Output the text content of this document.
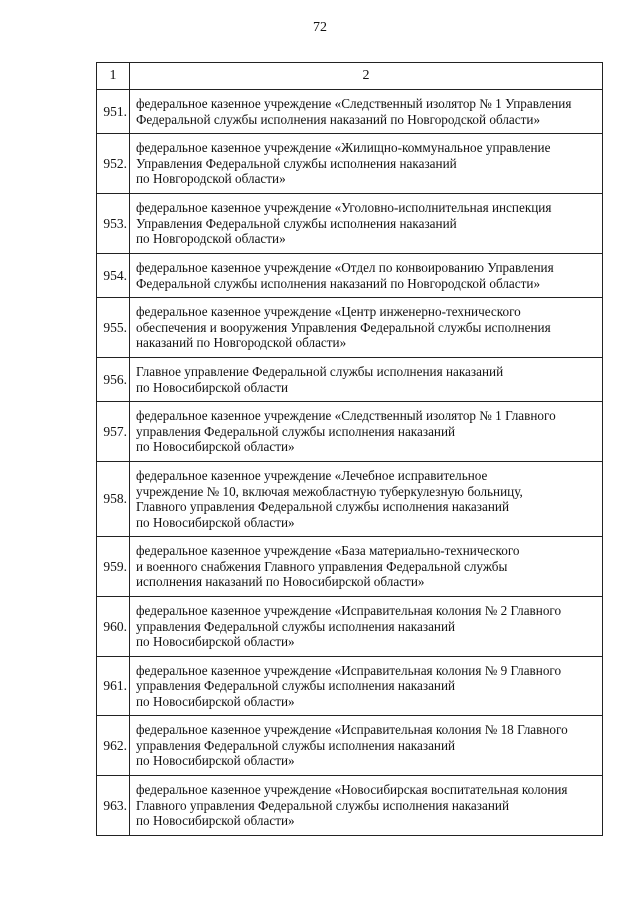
72
1	2
951.	федеральное казенное учреждение «Следственный изолятор № 1 Управления
Федеральной службы исполнения наказаний по Новгородской области»
952.	федеральное казенное учреждение «Жилищно-коммунальное управление
Управления Федеральной службы исполнения наказаний
по Новгородской области»
953.	федеральное казенное учреждение «Уголовно-исполнительная инспекция
Управления Федеральной службы исполнения наказаний
по Новгородской области»
954.	федеральное казенное учреждение «Отдел по конвоированию Управления
Федеральной службы исполнения наказаний по Новгородской области»
955.	федеральное казенное учреждение «Центр инженерно-технического
обеспечения и вооружения Управления Федеральной службы исполнения
наказаний по Новгородской области»
956.	Главное управление Федеральной службы исполнения наказаний
по Новосибирской области
957.	федеральное казенное учреждение «Следственный изолятор № 1 Главного
управления Федеральной службы исполнения наказаний
по Новосибирской области»
958.	федеральное казенное учреждение «Лечебное исправительное
учреждение № 10, включая межобластную туберкулезную больницу,
Главного управления Федеральной службы исполнения наказаний
по Новосибирской области»
959.	федеральное казенное учреждение «База материально-технического
и военного снабжения Главного управления Федеральной службы
исполнения наказаний по Новосибирской области»
960.	федеральное казенное учреждение «Исправительная колония № 2 Главного
управления Федеральной службы исполнения наказаний
по Новосибирской области»
961.	федеральное казенное учреждение «Исправительная колония № 9 Главного
управления Федеральной службы исполнения наказаний
по Новосибирской области»
962.	федеральное казенное учреждение «Исправительная колония № 18 Главного
управления Федеральной службы исполнения наказаний
по Новосибирской области»
963.	федеральное казенное учреждение «Новосибирская воспитательная колония
Главного управления Федеральной службы исполнения наказаний
по Новосибирской области»
